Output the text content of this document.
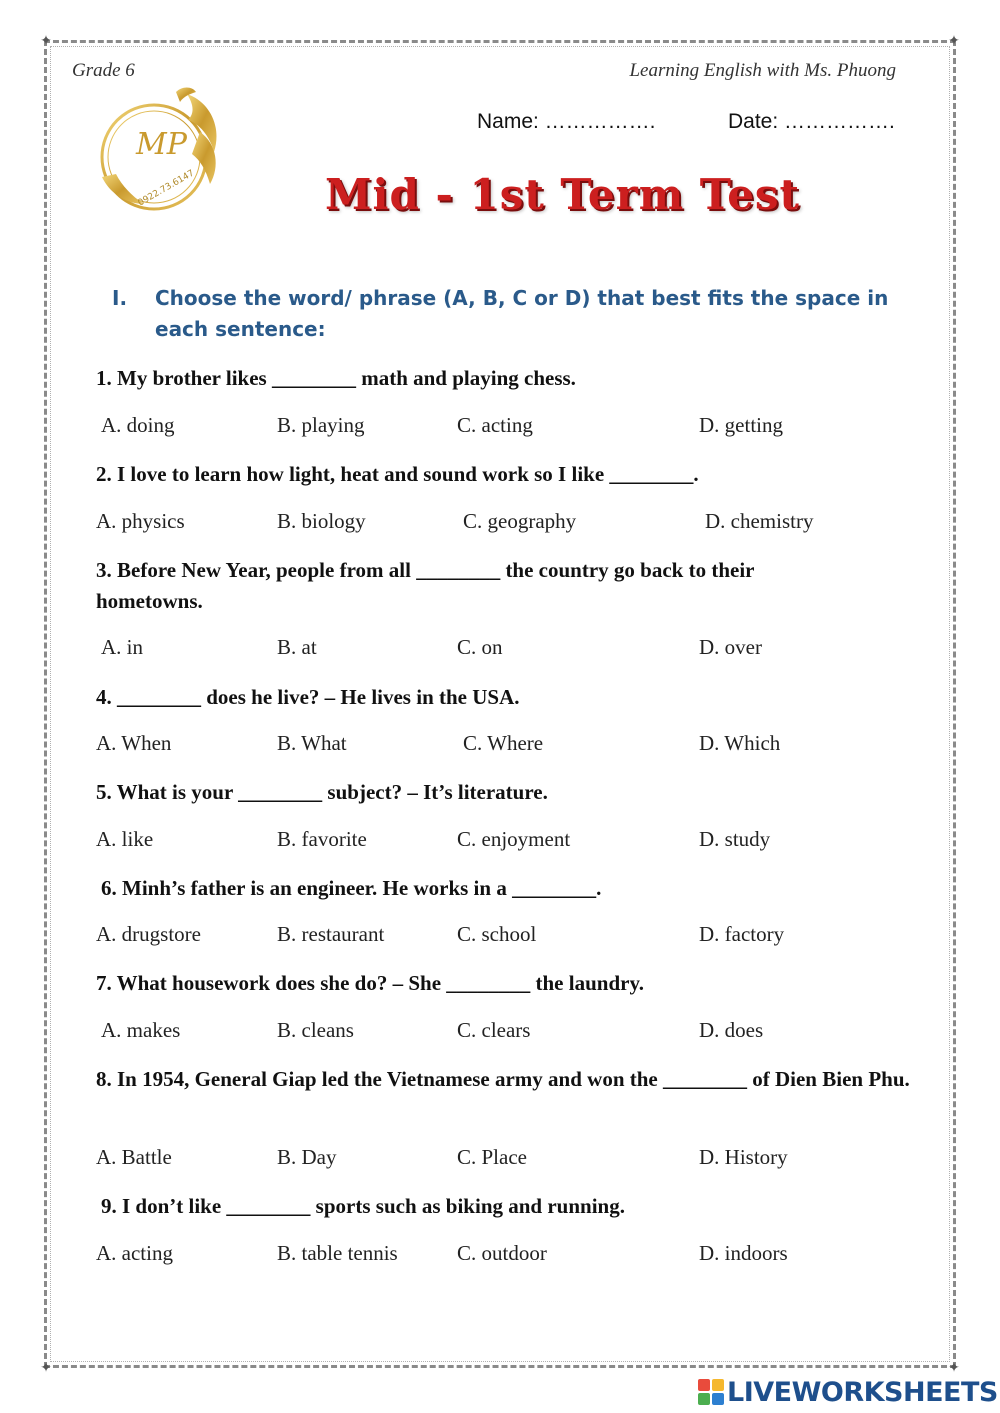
✦	✦
✦	✦
Grade 6	Learning English with Ms. Phuong
MP
0922.73.6147
Name: …………….	Date: …………….
Mid - 1st Term Test
I. Choose the word/ phrase (A, B, C or D) that best fits the space in each sentence:
1. My brother likes ________ math and playing chess.
A. doing	B. playing	C. acting	D. getting
2. I love to learn how light, heat and sound work so I like ________.
A. physics	B. biology	C. geography	D. chemistry
3. Before New Year, people from all ________ the country go back to their hometowns.
A. in	B. at	C. on	D. over
4. ________ does he live? – He lives in the USA.
A. When	B. What	C. Where	D. Which
5. What is your ________ subject? – It’s literature.
A. like	B. favorite	C. enjoyment	D. study
6. Minh’s father is an engineer. He works in a ________.
A. drugstore	B. restaurant	C. school	D. factory
7. What housework does she do? – She ________ the laundry.
A. makes	B. cleans	C. clears	D. does
8. In 1954, General Giap led the Vietnamese army and won the ________ of Dien Bien Phu.
A. Battle	B. Day	C. Place	D. History
9. I don’t like ________ sports such as biking and running.
A. acting	B. table tennis	C. outdoor	D. indoors
LIVEWORKSHEETS
